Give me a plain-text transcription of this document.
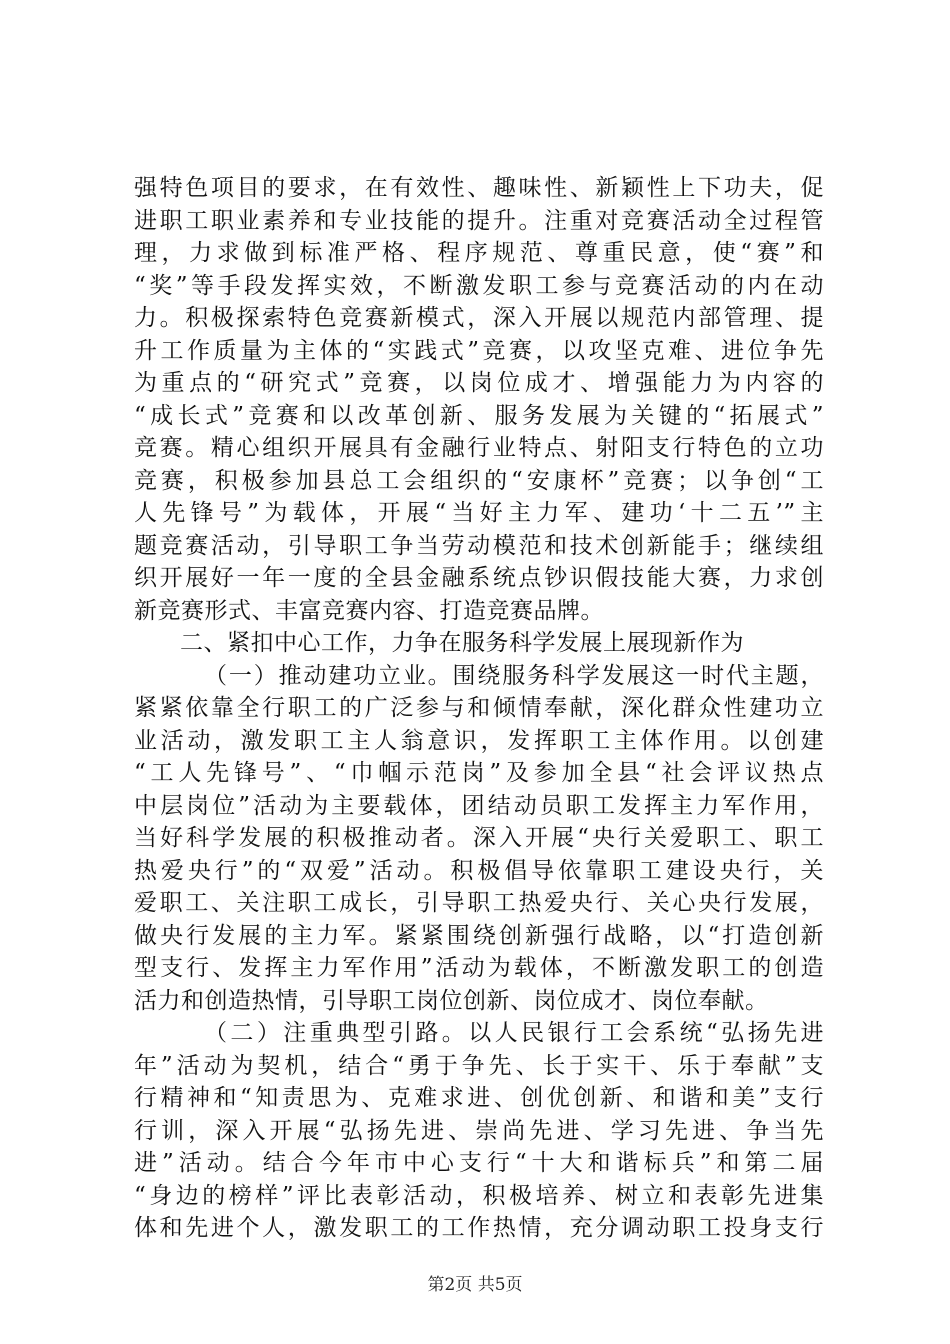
强特色项目的要求，在有效性、趣味性、新颖性上下功夫，促
进职工职业素养和专业技能的提升。注重对竞赛活动全过程管
理，力求做到标准严格、程序规范、尊重民意，使“赛”和
“奖”等手段发挥实效，不断激发职工参与竞赛活动的内在动
力。积极探索特色竞赛新模式，深入开展以规范内部管理、提
升工作质量为主体的“实践式”竞赛，以攻坚克难、进位争先
为重点的“研究式”竞赛，以岗位成才、增强能力为内容的
“成长式”竞赛和以改革创新、服务发展为关键的“拓展式”
竞赛。精心组织开展具有金融行业特点、射阳支行特色的立功
竞赛，积极参加县总工会组织的“安康杯”竞赛；以争创“工
人先锋号”为载体，开展“当好主力军、建功‘十二五’”主
题竞赛活动，引导职工争当劳动模范和技术创新能手；继续组
织开展好一年一度的全县金融系统点钞识假技能大赛，力求创
新竞赛形式、丰富竞赛内容、打造竞赛品牌。
二、紧扣中心工作，力争在服务科学发展上展现新作为
（一）推动建功立业。围绕服务科学发展这一时代主题，
紧紧依靠全行职工的广泛参与和倾情奉献，深化群众性建功立
业活动，激发职工主人翁意识，发挥职工主体作用。以创建
“工人先锋号”、“巾帼示范岗”及参加全县“社会评议热点
中层岗位”活动为主要载体，团结动员职工发挥主力军作用，
当好科学发展的积极推动者。深入开展“央行关爱职工、职工
热爱央行”的“双爱”活动。积极倡导依靠职工建设央行，关
爱职工、关注职工成长，引导职工热爱央行、关心央行发展，
做央行发展的主力军。紧紧围绕创新强行战略，以“打造创新
型支行、发挥主力军作用”活动为载体，不断激发职工的创造
活力和创造热情，引导职工岗位创新、岗位成才、岗位奉献。
（二）注重典型引路。以人民银行工会系统“弘扬先进
年”活动为契机，结合“勇于争先、长于实干、乐于奉献”支
行精神和“知责思为、克难求进、创优创新、和谐和美”支行
行训，深入开展“弘扬先进、崇尚先进、学习先进、争当先
进”活动。结合今年市中心支行“十大和谐标兵”和第二届
“身边的榜样”评比表彰活动，积极培养、树立和表彰先进集
体和先进个人，激发职工的工作热情，充分调动职工投身支行
第2页 共5页
